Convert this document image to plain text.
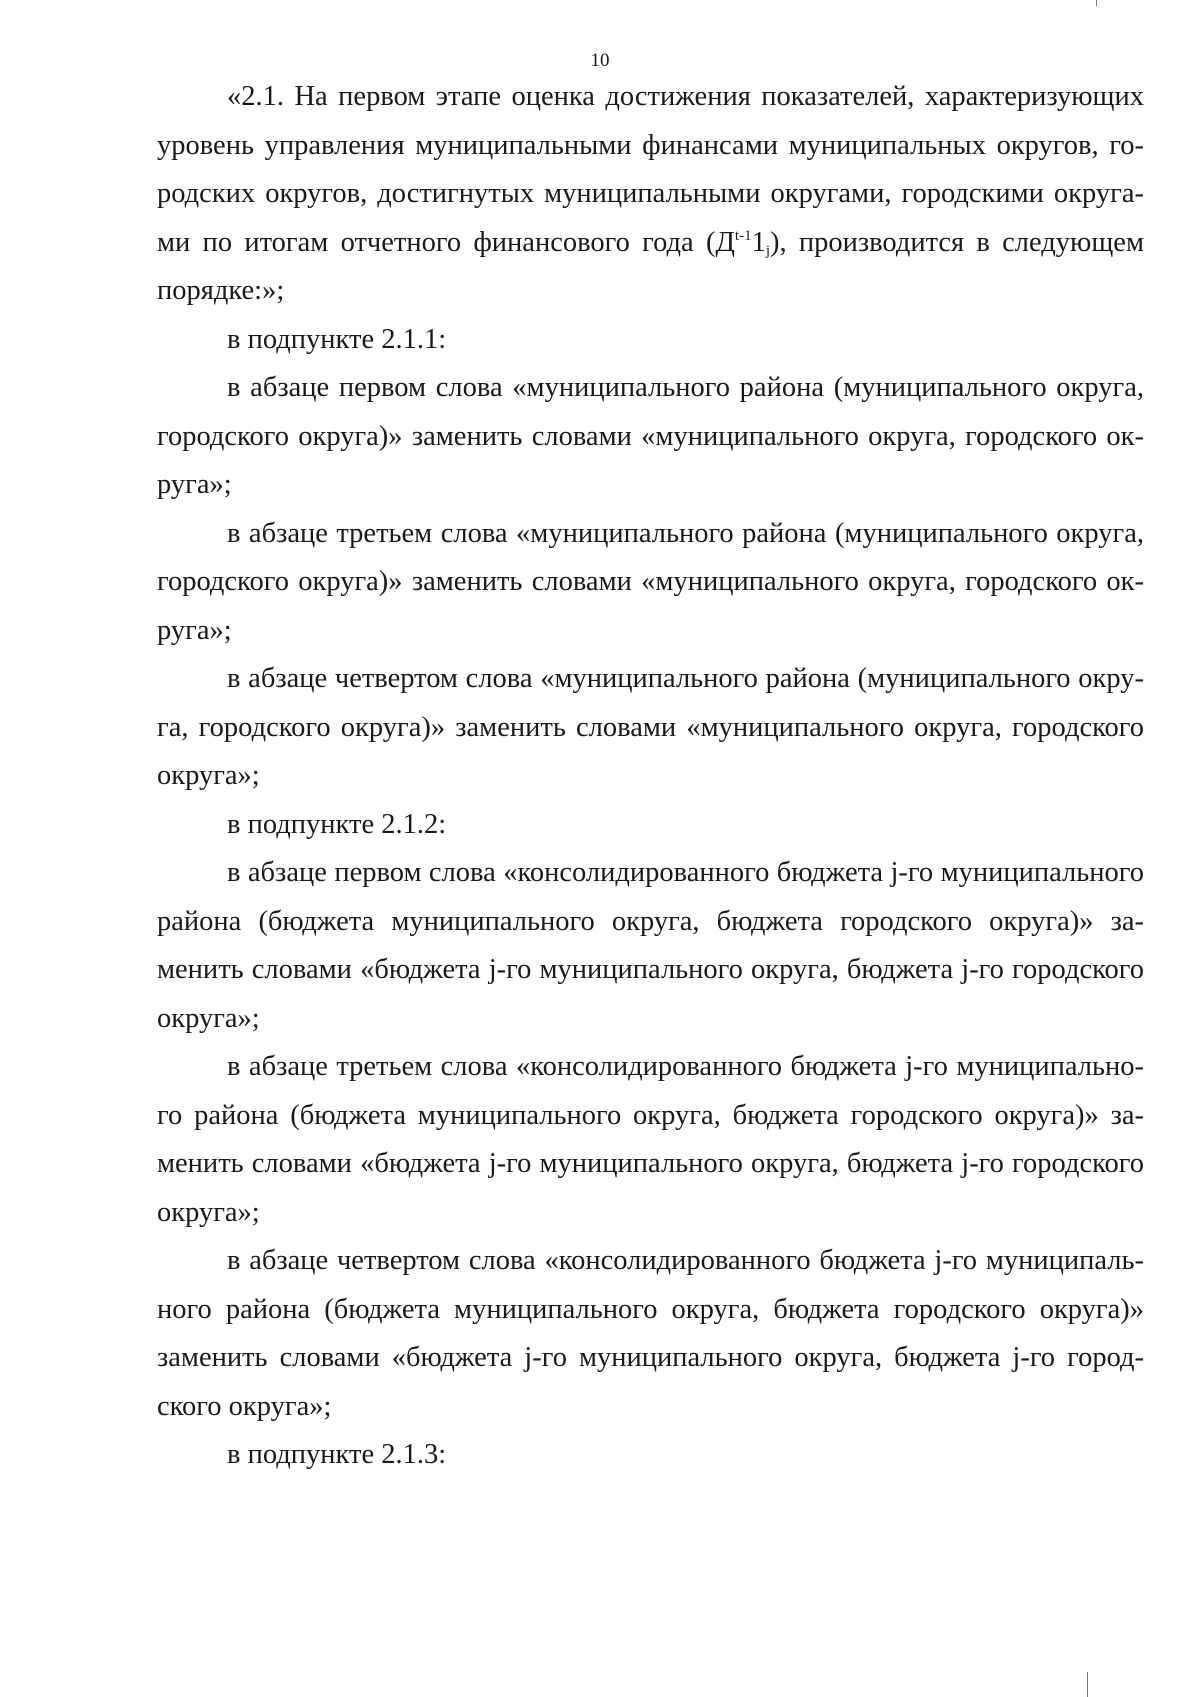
10

«2.1. На первом этапе оценка достижения показателей, характеризующих уровень управления муниципальными финансами муниципальных округов, городских округов, достигнутых муниципальными округами, городскими округами по итогам отчетного финансового года $(Д^{t-1}1_j)$, производится в следующем порядке:»;

в подпункте 2.1.1:

в абзаце первом слова «муниципального района (муниципального округа, городского округа)» заменить словами «муниципального округа, городского округа»;

в абзаце третьем слова «муниципального района (муниципального округа, городского округа)» заменить словами «муниципального округа, городского округа»;

в абзаце четвертом слова «муниципального района (муниципального округа, городского округа)» заменить словами «муниципального округа, городского округа»;

в подпункте 2.1.2:

в абзаце первом слова «консолидированного бюджета j-го муниципального района (бюджета муниципального округа, бюджета городского округа)» заменить словами «бюджета j-го муниципального округа, бюджета j-го городского округа»;

в абзаце третьем слова «консолидированного бюджета j-го муниципального района (бюджета муниципального округа, бюджета городского округа)» заменить словами «бюджета j-го муниципального округа, бюджета j-го городского округа»;

в абзаце четвертом слова «консолидированного бюджета j-го муниципального района (бюджета муниципального округа, бюджета городского округа)» заменить словами «бюджета j-го муниципального округа, бюджета j-го городского округа»;

в подпункте 2.1.3:
